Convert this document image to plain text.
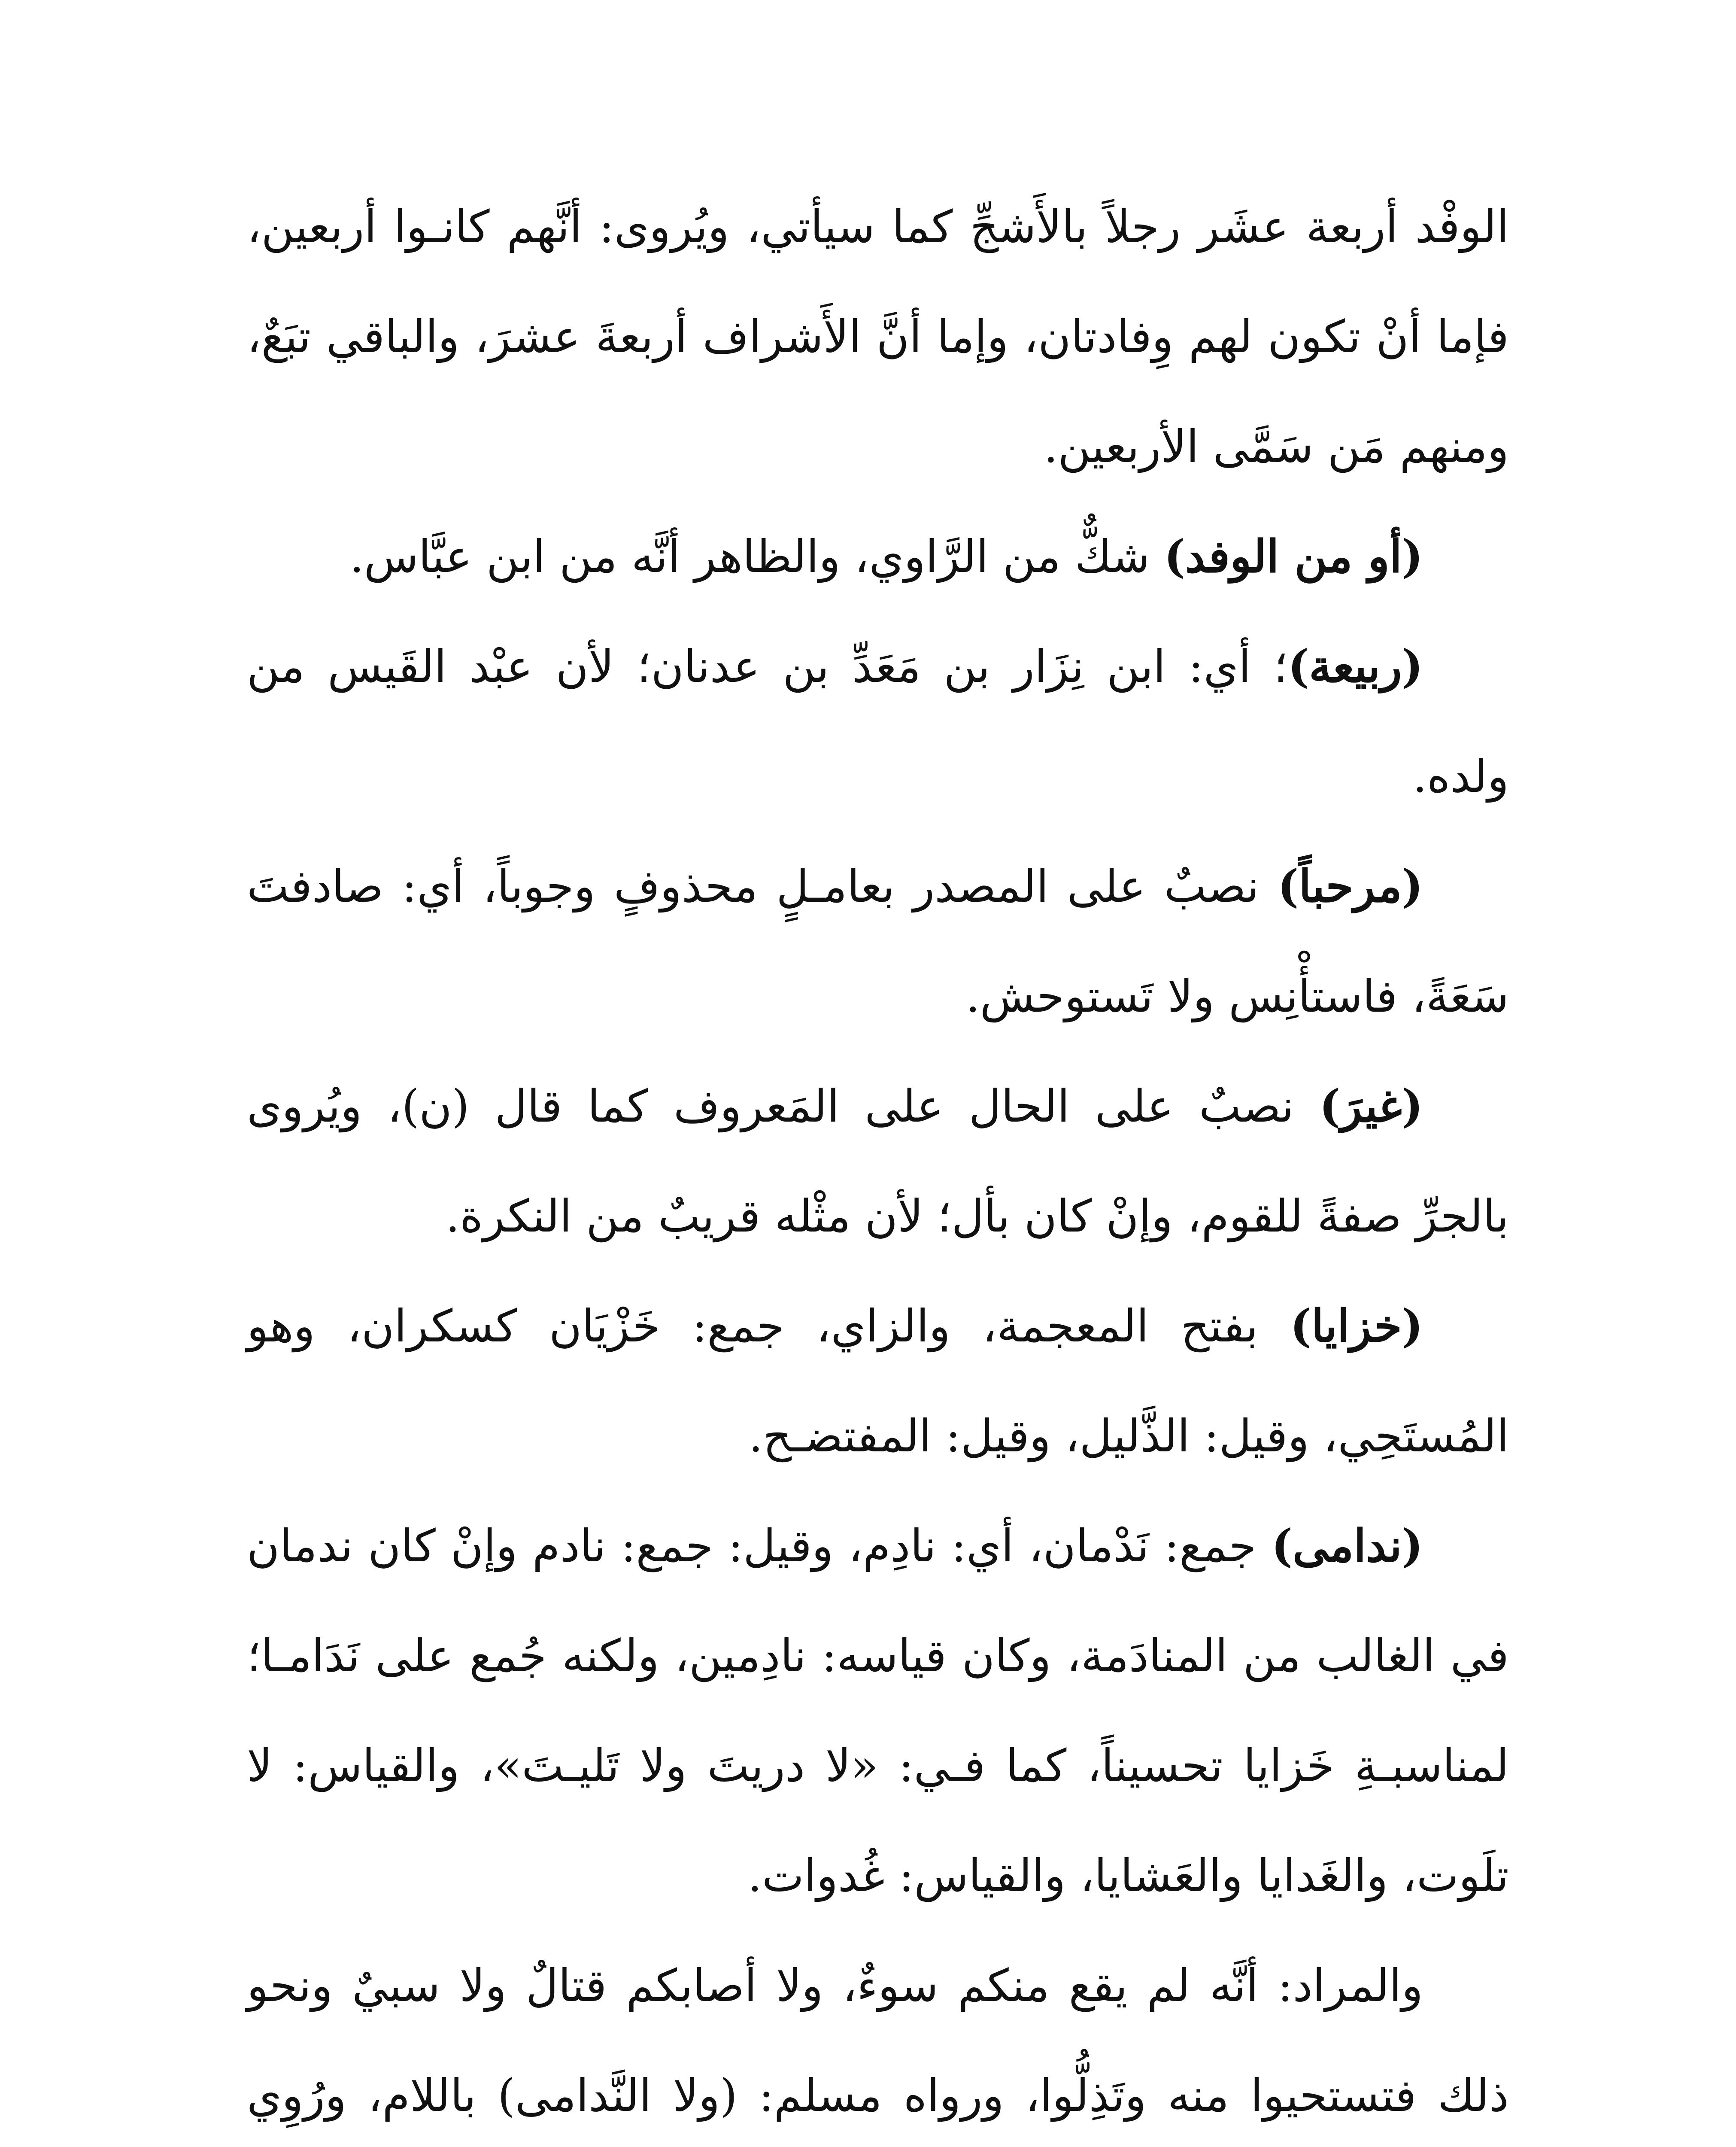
الوفْد أربعة عشَر رجلاً بالأَشجِّ كما سيأتي، ويُروى: أنَّهم كانـوا أربعين، فإما أنْ تكون لهم وِفادتان، وإما أنَّ الأَشراف أربعةَ عشرَ، والباقي تبَعٌ، ومنهم مَن سَمَّى الأربعين.

(أو من الوفد) شكٌّ من الرَّاوي، والظاهر أنَّه من ابن عبَّاس.

(ربيعة)؛ أي: ابن نِزَار بن مَعَدِّ بن عدنان؛ لأن عبْد القَيس من ولده.

(مرحباً) نصبٌ على المصدر بعامـلٍ محذوفٍ وجوباً، أي: صادفتَ سَعَةً، فاستأْنِس ولا تَستوحش.

(غيرَ) نصبٌ على الحال على المَعروف كما قال (ن)، ويُروى بالجرِّ صفةً للقوم، وإنْ كان بأل؛ لأن مثْله قريبٌ من النكرة.

(خزايا) بفتح المعجمة، والزاي، جمع: خَزْيَان كسكران، وهو المُستَحِي، وقيل: الذَّليل، وقيل: المفتضـح.

(ندامى) جمع: نَدْمان، أي: نادِم، وقيل: جمع: نادم وإنْ كان ندمان في الغالب من المنادَمة، وكان قياسه: نادِمين، ولكنه جُمع على نَدَامـا؛ لمناسبـةِ خَزايا تحسيناً، كما فـي: «لا دريتَ ولا تَليـتَ»، والقياس: لا تلَوت، والغَدايا والعَشايا، والقياس: غُدوات.

والمراد: أنَّه لم يقع منكم سوءٌ، ولا أصابكم قتالٌ ولا سبيٌ ونحو ذلك فتستحيوا منه وتَذِلُّوا، ورواه مسلم: (ولا النَّدامى) باللام، ورُوِي
